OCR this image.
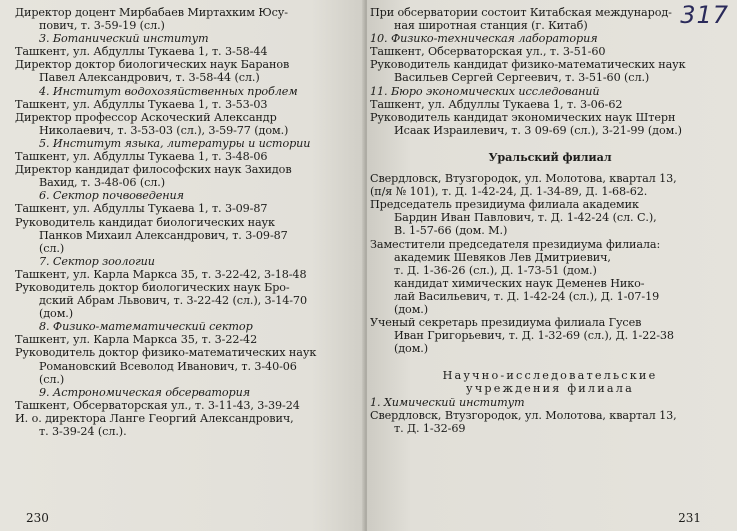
Директор доцент Мирбабаев Миртахким Юсу-
пович, т. 3-59-19 (сл.)
3. Ботанический институт
Ташкент, ул. Абдуллы Тукаева 1, т. 3-58-44
Директор доктор биологических наук Баранов
Павел Александрович, т. 3-58-44 (сл.)
4. Институт водохозяйственных проблем
Ташкент, ул. Абдуллы Тукаева 1, т. 3-53-03
Директор профессор Аскоческий Александр
Николаевич, т. 3-53-03 (сл.), 3-59-77 (дом.)
5. Институт языка, литературы и истории
Ташкент, ул. Абдуллы Тукаева 1, т. 3-48-06
Директор кандидат философских наук Захидов
Вахид, т. 3-48-06 (сл.)
6. Сектор почвоведения
Ташкент, ул. Абдуллы Тукаева 1, т. 3-09-87
Руководитель кандидат биологических наук
Панков Михаил Александрович, т. 3-09-87
(сл.)
7. Сектор зоологии
Ташкент, ул. Карла Маркса 35, т. 3-22-42, 3-18-48
Руководитель доктор биологических наук Бро-
дский Абрам Львович, т. 3-22-42 (сл.), 3-14-70
(дом.)
8. Физико-математический сектор
Ташкент, ул. Карла Маркса 35, т. 3-22-42
Руководитель доктор физико-математических наук
Романовский Всеволод Иванович, т. 3-40-06
(сл.)
9. Астрономическая обсерватория
Ташкент, Обсерваторская ул., т. 3-11-43, 3-39-24
И. о. директора Ланге Георгий Александрович,
т. 3-39-24 (сл.).
230
317
При обсерватории состоит Китабская международ-
ная широтная станция (г. Китаб)
10. Физико-техническая лаборатория
Ташкент, Обсерваторская ул., т. 3-51-60
Руководитель кандидат физико-математических наук
Васильев Сергей Сергеевич, т. 3-51-60 (сл.)
11. Бюро экономических исследований
Ташкент, ул. Абдуллы Тукаева 1, т. 3-06-62
Руководитель кандидат экономических наук Штерн
Исаак Израилевич, т. 3 09-69 (сл.), 3-21-99 (дом.)
Уральский филиал
Свердловск, Втузгородок, ул. Молотова, квартал 13,
(п/я № 101), т. Д. 1-42-24, Д. 1-34-89, Д. 1-68-62.
Председатель президиума филиала академик
Бардин Иван Павлович, т. Д. 1-42-24 (сл. С.),
В. 1-57-66 (дом. М.)
Заместители председателя президиума филиала:
академик Шевяков Лев Дмитриевич,
т. Д. 1-36-26 (сл.), Д. 1-73-51 (дом.)
кандидат химических наук Деменев Нико-
лай Васильевич, т. Д. 1-42-24 (сл.), Д. 1-07-19
(дом.)
Ученый секретарь президиума филиала Гусев
Иван Григорьевич, т. Д. 1-32-69 (сл.), Д. 1-22-38
(дом.)
Научно-исследовательские
учреждения филиала
1. Химический институт
Свердловск, Втузгородок, ул. Молотова, квартал 13,
т. Д. 1-32-69
231
